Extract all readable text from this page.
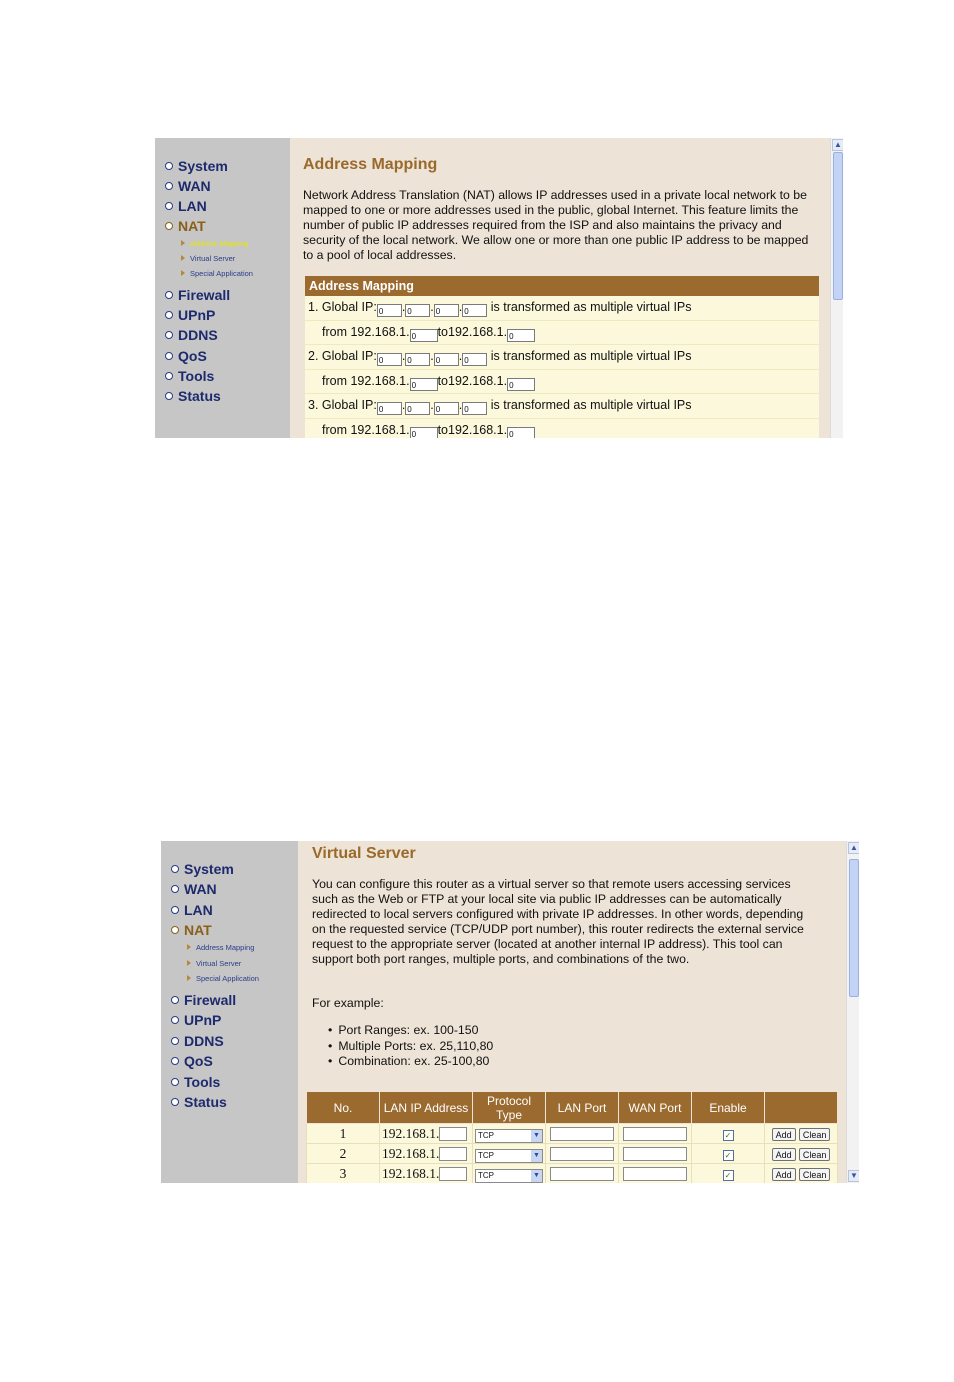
System
WAN
LAN
NAT
Address Mapping
Virtual Server
Special Application
Firewall
UPnP
DDNS
QoS
Tools
Status
Address Mapping
Network Address Translation (NAT) allows IP addresses used in a private local network to be mapped to one or more addresses used in the public, global Internet. This feature limits the number of public IP addresses required from the ISP and also maintains the privacy and security of the local network. We allow one or more than one public IP address to be mapped to a pool of local addresses.
Address Mapping
1. Global IP: 0 . 0 . 0 . 0 is transformed as multiple virtual IPs
from 192.168.1. 0 to192.168.1. 0
2. Global IP: 0 . 0 . 0 . 0 is transformed as multiple virtual IPs
from 192.168.1. 0 to192.168.1. 0
3. Global IP: 0 . 0 . 0 . 0 is transformed as multiple virtual IPs
from 192.168.1. 0 to192.168.1. 0
▲
System
WAN
LAN
NAT
Address Mapping
Virtual Server
Special Application
Firewall
UPnP
DDNS
QoS
Tools
Status
Virtual Server
You can configure this router as a virtual server so that remote users accessing services such as the Web or FTP at your local site via public IP addresses can be automatically redirected to local servers configured with private IP addresses. In other words, depending on the requested service (TCP/UDP port number), this router redirects the external service request to the appropriate server (located at another internal IP address). This tool can support both port ranges, multiple ports, and combinations of the two.
For example:
• Port Ranges: ex. 100-150
• Multiple Ports: ex. 25,110,80
• Combination: ex. 25-100,80
No.	LAN IP Address	Protocol Type	LAN Port	WAN Port	Enable	
1	192.168.1.	TCP ▼			✓	Add Clean
2	192.168.1.	TCP ▼			✓	Add Clean
3	192.168.1.	TCP ▼			✓	Add Clean
▲
▼
